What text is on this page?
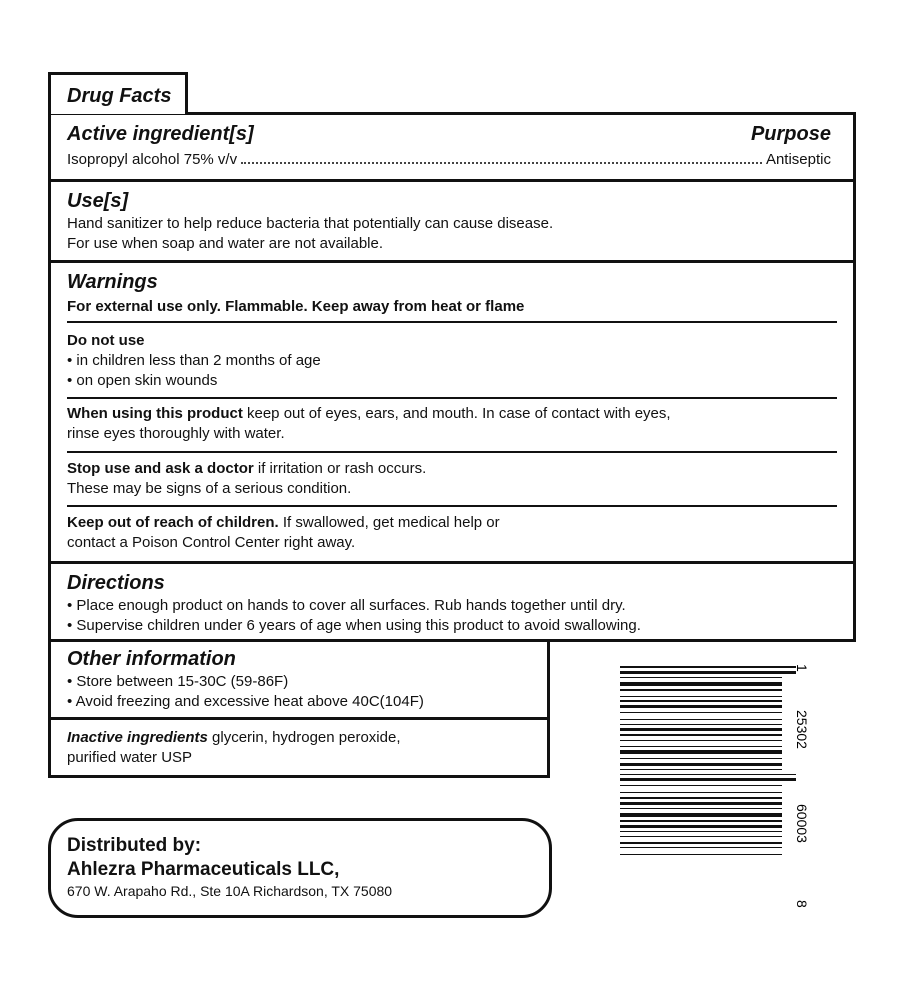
Drug Facts
Active ingredient[s]	Purpose
Isopropyl alcohol 75% v/v	Antiseptic
Use[s]
Hand sanitizer to help reduce bacteria that potentially can cause disease.
For use when soap and water are not available.
Warnings
For external use only. Flammable. Keep away from heat or flame
Do not use
• in children less than 2 months of age
• on open skin wounds
When using this product keep out of eyes, ears, and mouth. In case of contact with eyes,
rinse eyes thoroughly with water.
Stop use and ask a doctor if irritation or rash occurs.
These may be signs of a serious condition.
Keep out of reach of children. If swallowed, get medical help or
contact a Poison Control Center right away.
Directions
• Place enough product on hands to cover all surfaces. Rub hands together until dry.
• Supervise children under 6 years of age when using this product to avoid swallowing.
Other information
• Store between 15-30C (59-86F)
• Avoid freezing and excessive heat above 40C(104F)
Inactive ingredients glycerin, hydrogen peroxide,
purified water USP
Distributed by:
Ahlezra Pharmaceuticals LLC,
670 W. Arapaho Rd., Ste 10A Richardson, TX 75080
1
25302
60003
8
